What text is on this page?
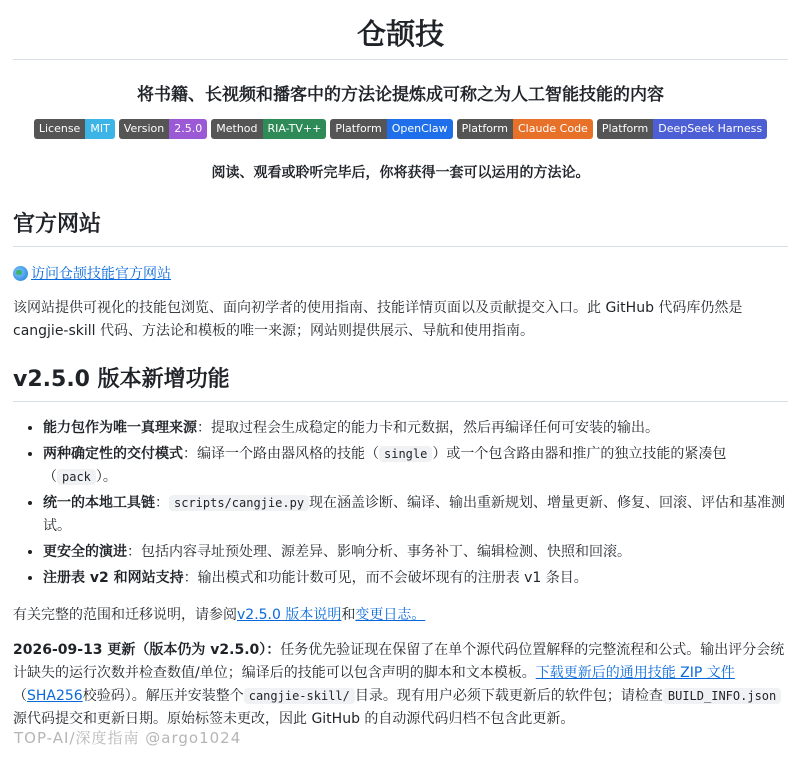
仓颉技
将书籍、长视频和播客中的方法论提炼成可称之为人工智能技能的内容
License MIT	Version 2.5.0	Method RIA-TV++	Platform OpenClaw	Platform Claude Code	Platform DeepSeek Harness
阅读、观看或聆听完毕后，你将获得一套可以运用的方法论。
官方网站
访问仓颉技能官方网站

该网站提供可视化的技能包浏览、面向初学者的使用指南、技能详情页面以及贡献提交入口。此 GitHub 代码库仍然是 cangjie-skill 代码、方法论和模板的唯一来源；网站则提供展示、导航和使用指南。

v2.5.0 版本新增功能
• 能力包作为唯一真理来源：提取过程会生成稳定的能力卡和元数据，然后再编译任何可安装的输出。
• 两种确定性的交付模式：编译一个路由器风格的技能（ single ）或一个包含路由器和推广的独立技能的紧凑包（ pack ）。
• 统一的本地工具链： scripts/cangjie.py 现在涵盖诊断、编译、输出重新规划、增量更新、修复、回滚、评估和基准测试。
• 更安全的演进：包括内容寻址预处理、源差异、影响分析、事务补丁、编辑检测、快照和回滚。
• 注册表 v2 和网站支持：输出模式和功能计数可见，而不会破坏现有的注册表 v1 条目。

有关完整的范围和迁移说明，请参阅v2.5.0 版本说明和变更日志。

2026-09-13 更新（版本仍为 v2.5.0）：任务优先验证现在保留了在单个源代码位置解释的完整流程和公式。输出评分会统计缺失的运行次数并检查数值/单位；编译后的技能可以包含声明的脚本和文本模板。下载更新后的通用技能 ZIP 文件（SHA256校验码）。解压并安装整个 cangjie-skill/ 目录。现有用户必须下载更新后的软件包；请检查 BUILD_INFO.json源代码提交和更新日期。原始标签未更改，因此 GitHub 的自动源代码归档不包含此更新。

TOP-AI/深度指南 @argo1024
